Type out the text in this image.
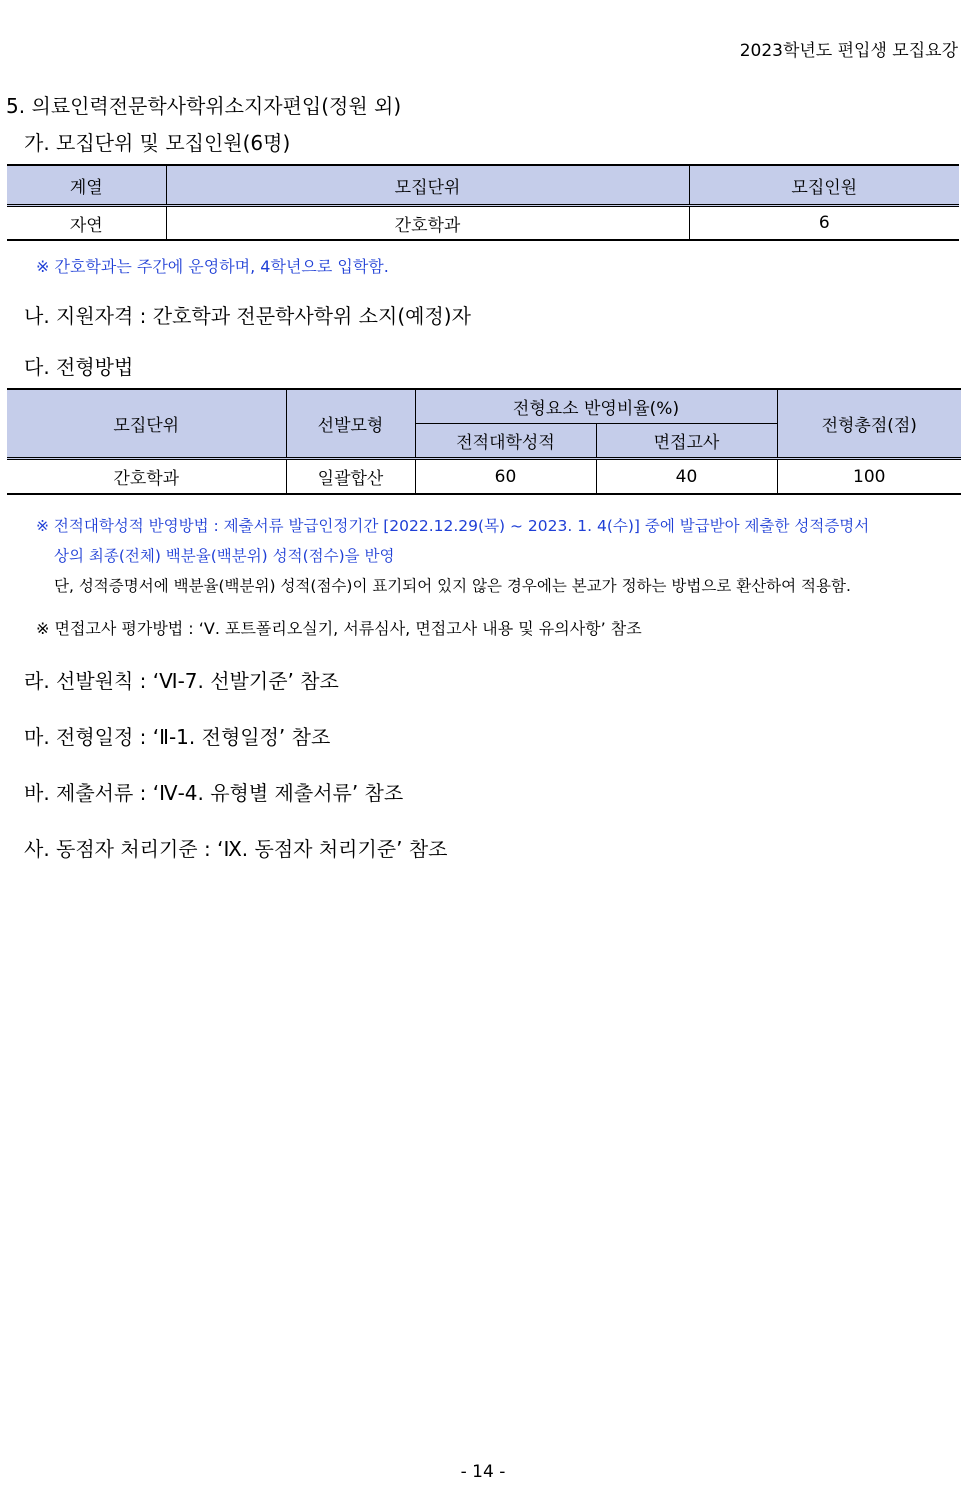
2023학년도 편입생 모집요강
5. 의료인력전문학사학위소지자편입(정원 외)
가. 모집단위 및 모집인원(6명)
계열	모집단위	모집인원
자연	간호학과	6
※ 간호학과는 주간에 운영하며, 4학년으로 입학함.
나. 지원자격 : 간호학과 전문학사학위 소지(예정)자
다. 전형방법
모집단위	선발모형	전형요소 반영비율(%)		전형총점(점)
		전적대학성적	면접고사	
간호학과	일괄합산	60	40	100
※ 전적대학성적 반영방법 : 제출서류 발급인정기간 [2022.12.29(목) ~ 2023. 1. 4(수)] 중에 발급받아 제출한 성적증명서
상의 최종(전체) 백분율(백분위) 성적(점수)을 반영
단, 성적증명서에 백분율(백분위) 성적(점수)이 표기되어 있지 않은 경우에는 본교가 정하는 방법으로 환산하여 적용함.
※ 면접고사 평가방법 : ‘Ⅴ. 포트폴리오실기, 서류심사, 면접고사 내용 및 유의사항’ 참조
라. 선발원칙 : ‘Ⅵ-7. 선발기준’ 참조
마. 전형일정 : ‘Ⅱ-1. 전형일정’ 참조
바. 제출서류 : ‘Ⅳ-4. 유형별 제출서류’ 참조
사. 동점자 처리기준 : ‘Ⅸ. 동점자 처리기준’ 참조
- 14 -
